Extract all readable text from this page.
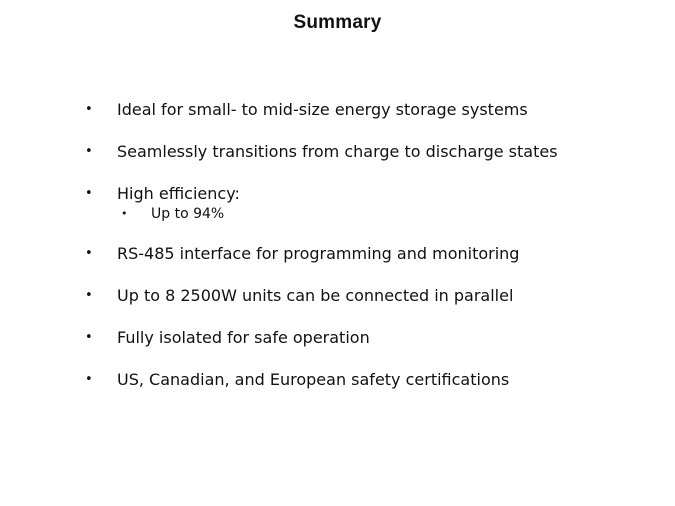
Summary
• Ideal for small- to mid-size energy storage systems
• Seamlessly transitions from charge to discharge states
• High efficiency:
• Up to 94%
• RS-485 interface for programming and monitoring
• Up to 8 2500W units can be connected in parallel
• Fully isolated for safe operation
• US, Canadian, and European safety certifications
